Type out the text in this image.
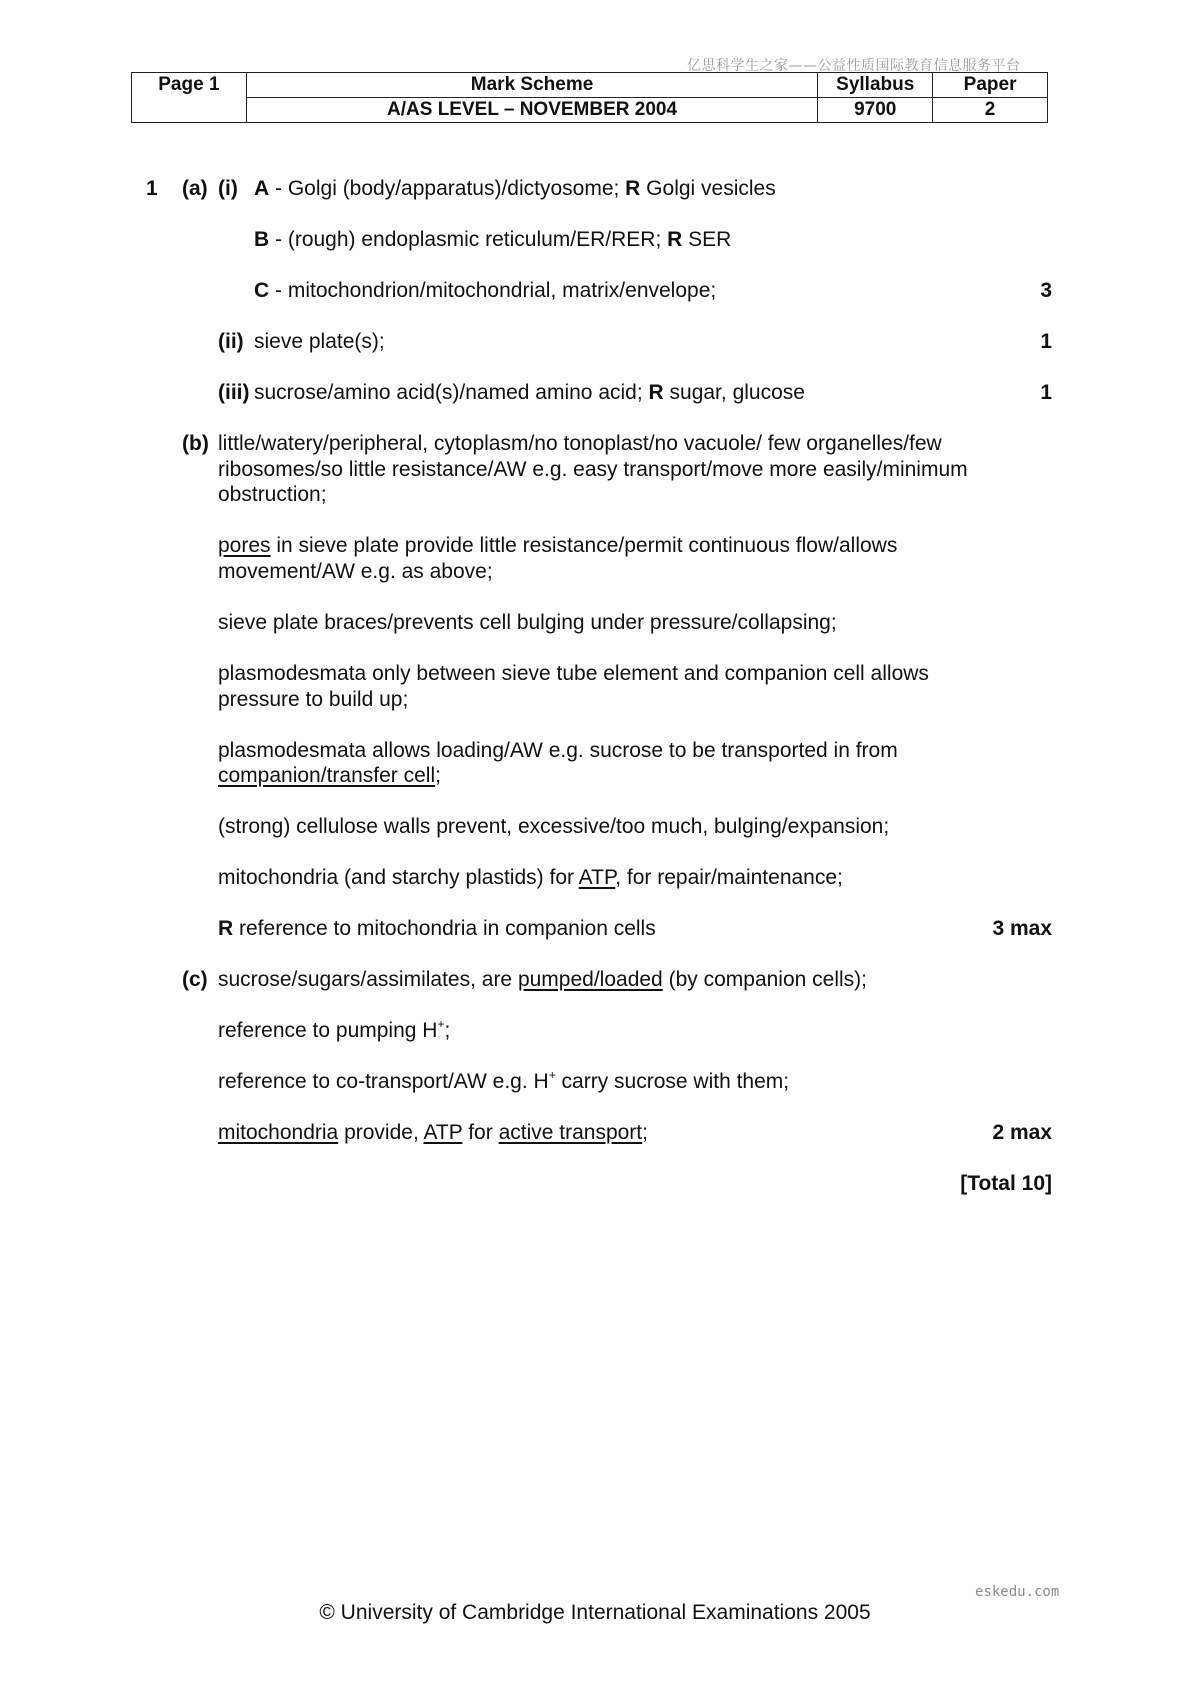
亿思科学生之家——公益性质国际教育信息服务平台
Page 1	Mark Scheme	Syllabus	Paper
	A/AS LEVEL – NOVEMBER 2004	9700	2
1 (a) (i) A - Golgi (body/apparatus)/dictyosome; R Golgi vesicles
B - (rough) endoplasmic reticulum/ER/RER; R SER
C - mitochondrion/mitochondrial, matrix/envelope;	3
(ii) sieve plate(s);	1
(iii) sucrose/amino acid(s)/named amino acid; R sugar, glucose	1
(b) little/watery/peripheral, cytoplasm/no tonoplast/no vacuole/ few organelles/few
ribosomes/so little resistance/AW e.g. easy transport/move more easily/minimum
obstruction;
pores in sieve plate provide little resistance/permit continuous flow/allows
movement/AW e.g. as above;
sieve plate braces/prevents cell bulging under pressure/collapsing;
plasmodesmata only between sieve tube element and companion cell allows
pressure to build up;
plasmodesmata allows loading/AW e.g. sucrose to be transported in from
companion/transfer cell;
(strong) cellulose walls prevent, excessive/too much, bulging/expansion;
mitochondria (and starchy plastids) for ATP, for repair/maintenance;
R reference to mitochondria in companion cells	3 max
(c) sucrose/sugars/assimilates, are pumped/loaded (by companion cells);
reference to pumping H+;
reference to co-transport/AW e.g. H+ carry sucrose with them;
mitochondria provide, ATP for active transport;	2 max
[Total 10]
eskedu.com
© University of Cambridge International Examinations 2005
